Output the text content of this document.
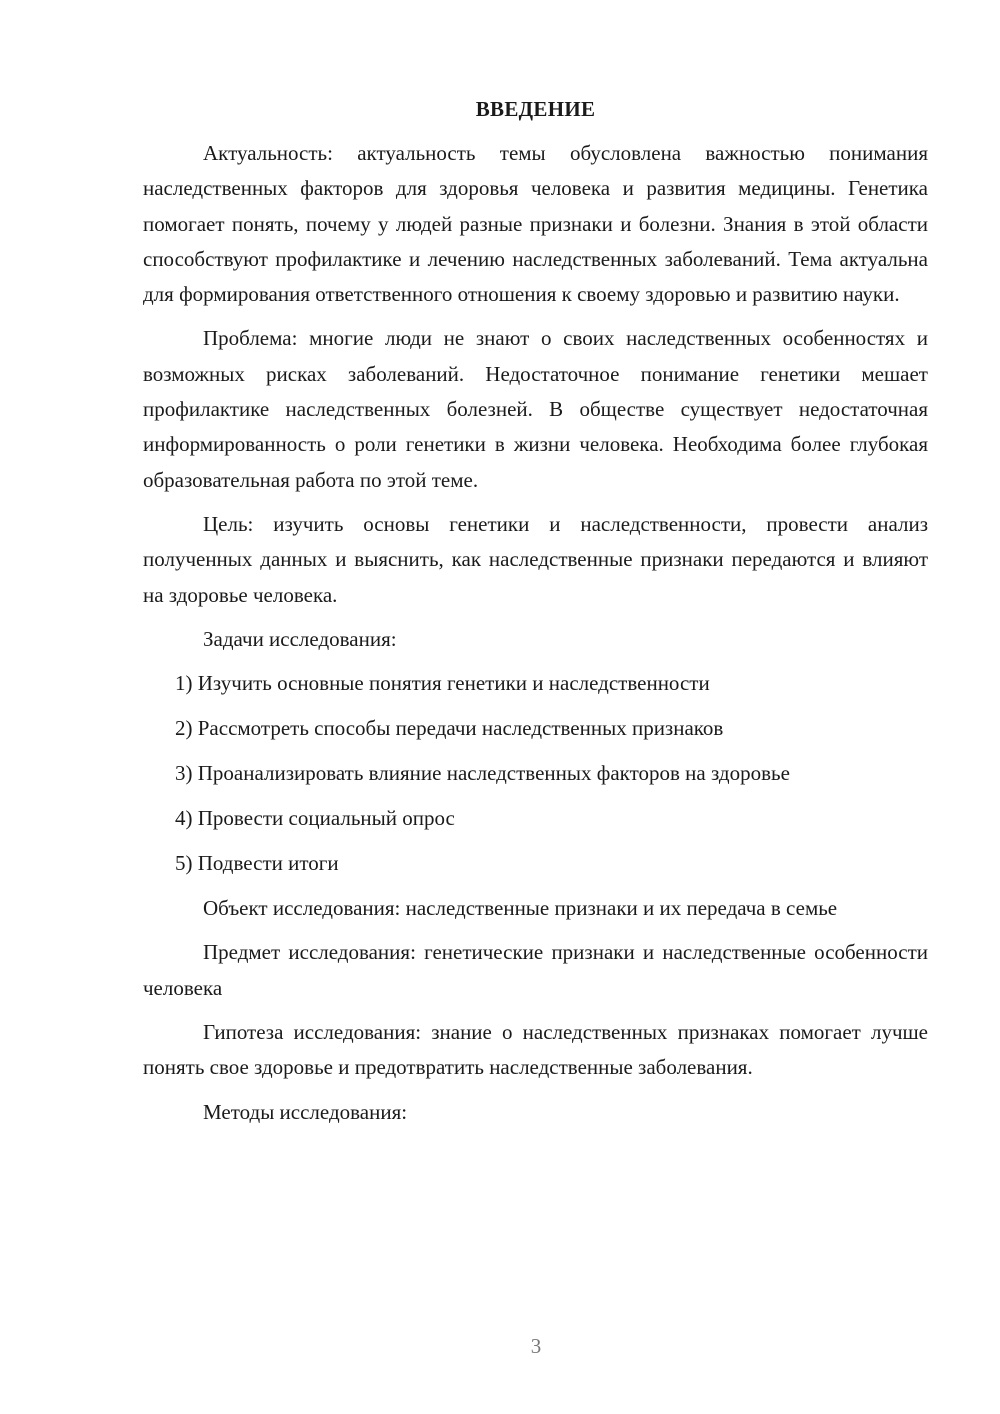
ВВЕДЕНИЕ

Актуальность: актуальность темы обусловлена важностью понимания наследственных факторов для здоровья человека и развития медицины. Генетика помогает понять, почему у людей разные признаки и болезни. Знания в этой области способствуют профилактике и лечению наследственных заболеваний. Тема актуальна для формирования ответственного отношения к своему здоровью и развитию науки.

Проблема: многие люди не знают о своих наследственных особенностях и возможных рисках заболеваний. Недостаточное понимание генетики мешает профилактике наследственных болезней. В обществе существует недостаточная информированность о роли генетики в жизни человека. Необходима более глубокая образовательная работа по этой теме.

Цель: изучить основы генетики и наследственности, провести анализ полученных данных и выяснить, как наследственные признаки передаются и влияют на здоровье человека.

Задачи исследования:

1) Изучить основные понятия генетики и наследственности
2) Рассмотреть способы передачи наследственных признаков
3) Проанализировать влияние наследственных факторов на здоровье
4) Провести социальный опрос
5) Подвести итоги

Объект исследования: наследственные признаки и их передача в семье

Предмет исследования: генетические признаки и наследственные особенности человека

Гипотеза исследования: знание о наследственных признаках помогает лучше понять свое здоровье и предотвратить наследственные заболевания.

Методы исследования:

3
